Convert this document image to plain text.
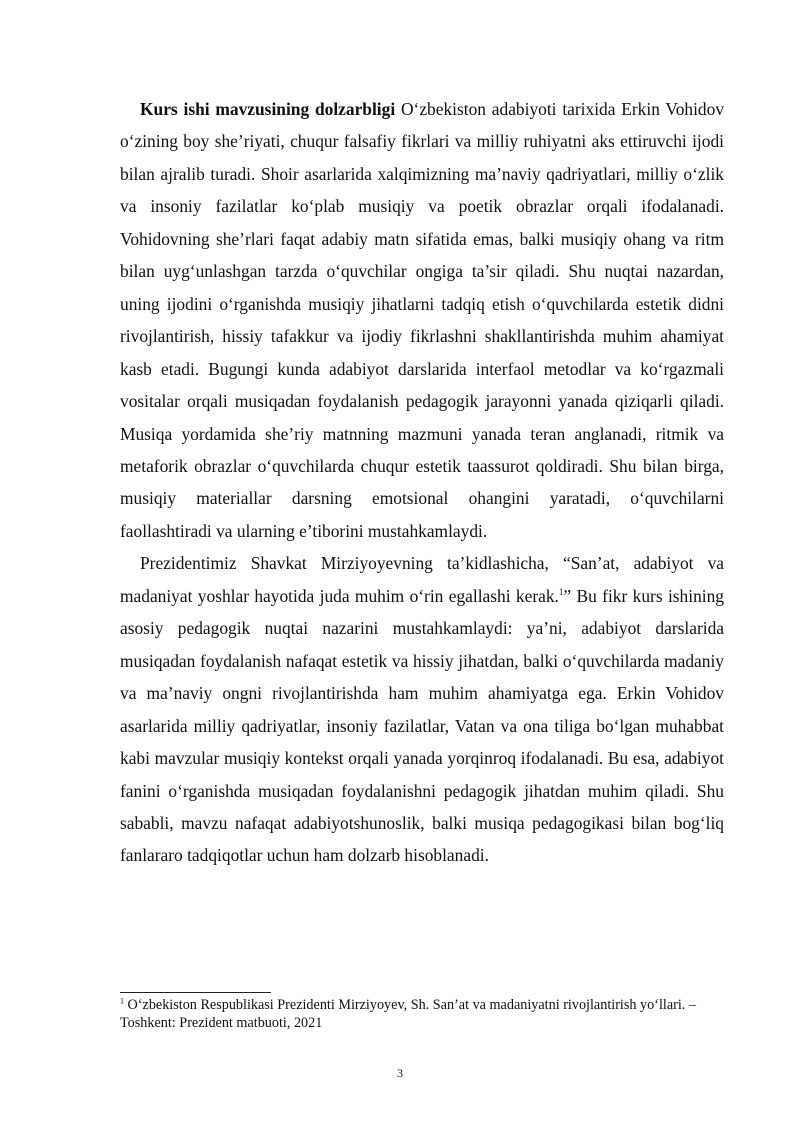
Kurs ishi mavzusining dolzarbligi O‘zbekiston adabiyoti tarixida Erkin Vohidov o‘zining boy she’riyati, chuqur falsafiy fikrlari va milliy ruhiyatni aks ettiruvchi ijodi bilan ajralib turadi. Shoir asarlarida xalqimizning ma’naviy qadriyatlari, milliy o‘zlik va insoniy fazilatlar ko‘plab musiqiy va poetik obrazlar orqali ifodalanadi. Vohidovning she’rlari faqat adabiy matn sifatida emas, balki musiqiy ohang va ritm bilan uyg‘unlashgan tarzda o‘quvchilar ongiga ta’sir qiladi. Shu nuqtai nazardan, uning ijodini o‘rganishda musiqiy jihatlarni tadqiq etish o‘quvchilarda estetik didni rivojlantirish, hissiy tafakkur va ijodiy fikrlashni shakllantirishda muhim ahamiyat kasb etadi. Bugungi kunda adabiyot darslarida interfaol metodlar va ko‘rgazmali vositalar orqali musiqadan foydalanish pedagogik jarayonni yanada qiziqarli qiladi. Musiqa yordamida she’riy matnning mazmuni yanada teran anglanadi, ritmik va metaforik obrazlar o‘quvchilarda chuqur estetik taassurot qoldiradi. Shu bilan birga, musiqiy materiallar darsning emotsional ohangini yaratadi, o‘quvchilarni faollashtiradi va ularning e’tiborini mustahkamlaydi.

Prezidentimiz Shavkat Mirziyoyevning ta’kidlashicha, “San’at, adabiyot va madaniyat yoshlar hayotida juda muhim o‘rin egallashi kerak.$^1$” Bu fikr kurs ishining asosiy pedagogik nuqtai nazarini mustahkamlaydi: ya’ni, adabiyot darslarida musiqadan foydalanish nafaqat estetik va hissiy jihatdan, balki o‘quvchilarda madaniy va ma’naviy ongni rivojlantirishda ham muhim ahamiyatga ega. Erkin Vohidov asarlarida milliy qadriyatlar, insoniy fazilatlar, Vatan va ona tiliga bo‘lgan muhabbat kabi mavzular musiqiy kontekst orqali yanada yorqinroq ifodalanadi. Bu esa, adabiyot fanini o‘rganishda musiqadan foydalanishni pedagogik jihatdan muhim qiladi. Shu sababli, mavzu nafaqat adabiyotshunoslik, balki musiqa pedagogikasi bilan bog‘liq fanlararo tadqiqotlar uchun ham dolzarb hisoblanadi.

$^1$ O‘zbekiston Respublikasi Prezidenti Mirziyoyev, Sh. San’at va madaniyatni rivojlantirish yo‘llari. – Toshkent: Prezident matbuoti, 2021

3
